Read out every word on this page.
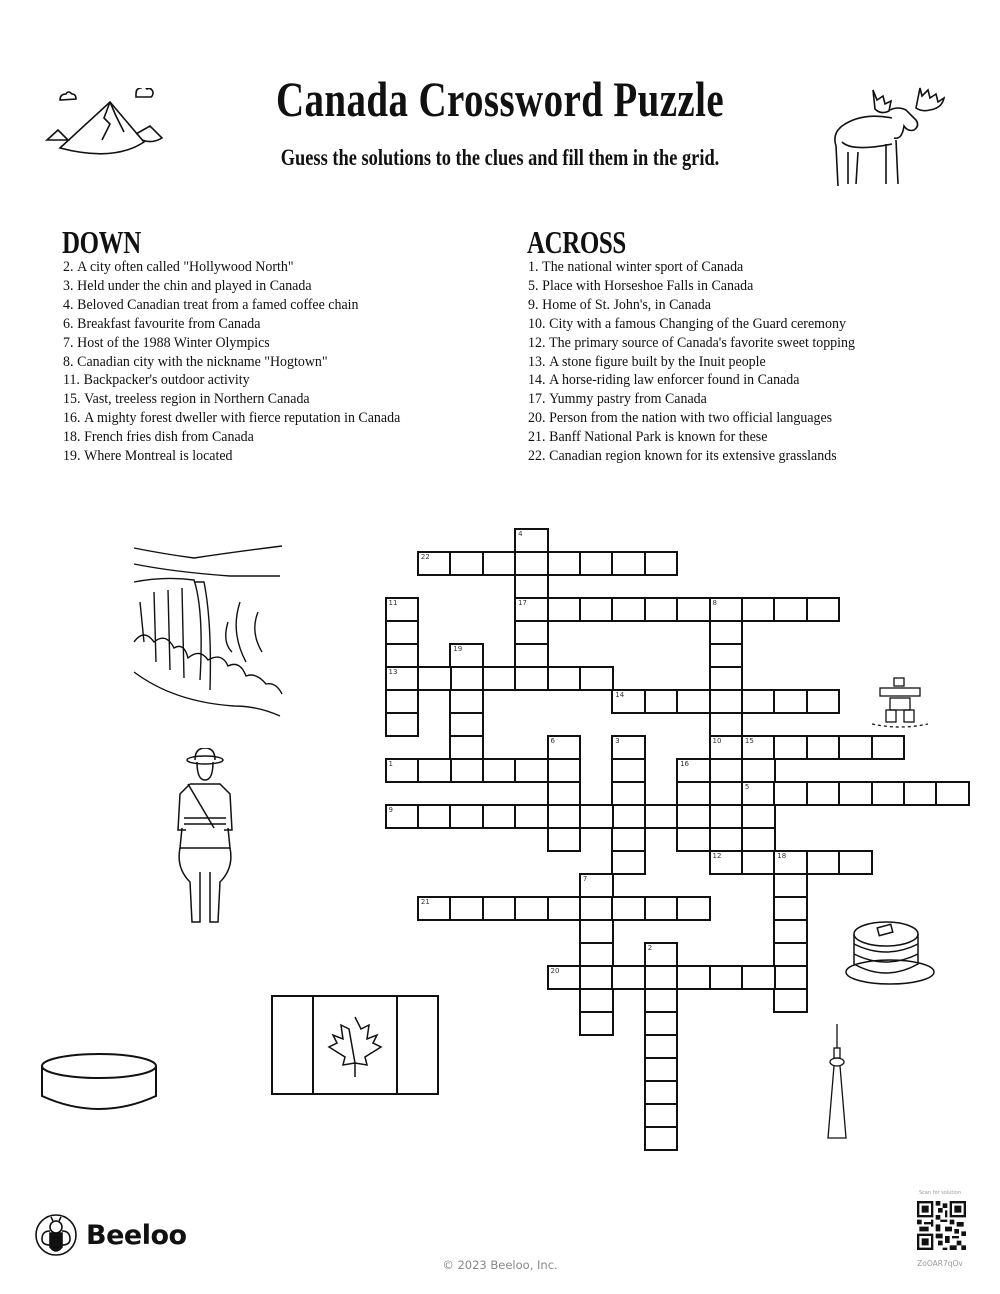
Canada Crossword Puzzle
Guess the solutions to the clues and fill them in the grid.
DOWN
2. A city often called "Hollywood North"
3. Held under the chin and played in Canada
4. Beloved Canadian treat from a famed coffee chain
6. Breakfast favourite from Canada
7. Host of the 1988 Winter Olympics
8. Canadian city with the nickname "Hogtown"
11. Backpacker's outdoor activity
15. Vast, treeless region in Northern Canada
16. A mighty forest dweller with fierce reputation in Canada
18. French fries dish from Canada
19. Where Montreal is located
ACROSS
1. The national winter sport of Canada
5. Place with Horseshoe Falls in Canada
9. Home of St. John's, in Canada
10. City with a famous Changing of the Guard ceremony
12. The primary source of Canada's favorite sweet topping
13. A stone figure built by the Inuit people
14. A horse-riding law enforcer found in Canada
17. Yummy pastry from Canada
20. Person from the nation with two official languages
21. Banff National Park is known for these
22. Canadian region known for its extensive grasslands
4
17
22
11
13
8
10
19
14
6	3	15
5
1	16
12
9
18
7
21
2
20
Beeloo
© 2023 Beeloo, Inc.
Scan for solution
ZoOAR7qOv
